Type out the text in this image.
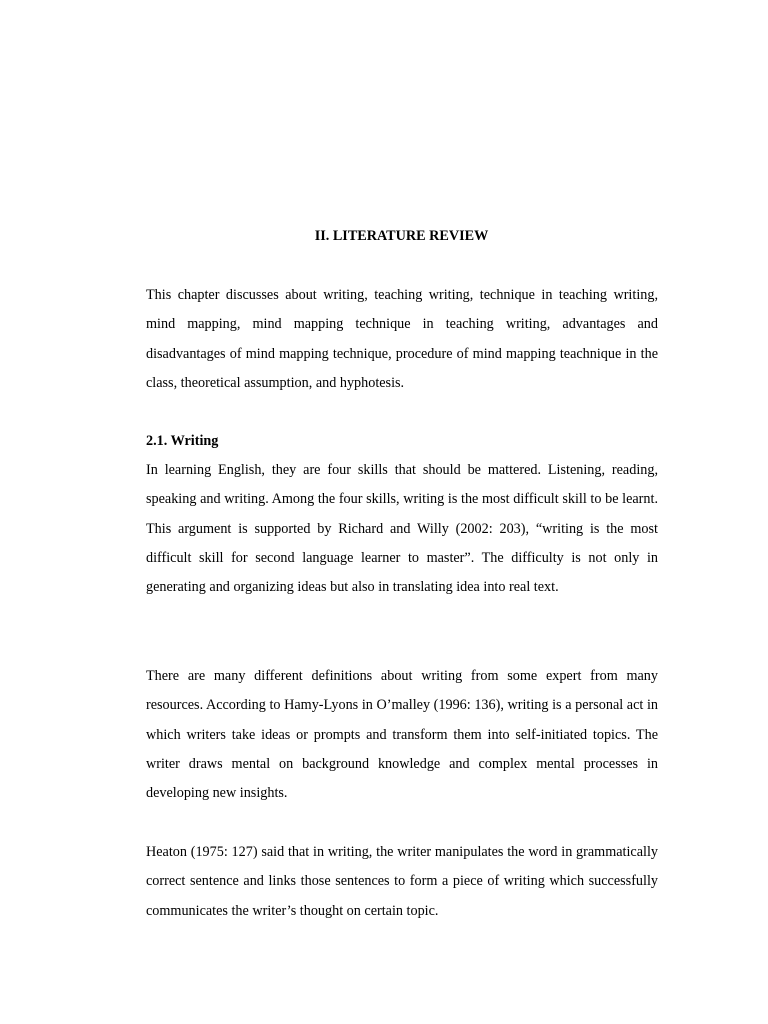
II. LITERATURE REVIEW

This chapter discusses about writing, teaching writing, technique in teaching writing, mind mapping, mind mapping technique in teaching writing, advantages and disadvantages of mind mapping technique, procedure of mind mapping teachnique in the class, theoretical assumption, and hyphotesis.

2.1. Writing

In learning English, they are four skills that should be mattered. Listening, reading, speaking and writing. Among the four skills, writing is the most difficult skill to be learnt. This argument is supported by Richard and Willy (2002: 203), “writing is the most difficult skill for second language learner to master”. The difficulty is not only in generating and organizing ideas but also in translating idea into real text.

There are many different definitions about writing from some expert from many resources. According to Hamy-Lyons in O’malley (1996: 136), writing is a personal act in which writers take ideas or prompts and transform them into self-initiated topics. The writer draws mental on background knowledge and complex mental processes in developing new insights.

Heaton (1975: 127) said that in writing, the writer manipulates the word in grammatically correct sentence and links those sentences to form a piece of writing which successfully communicates the writer’s thought on certain topic.
